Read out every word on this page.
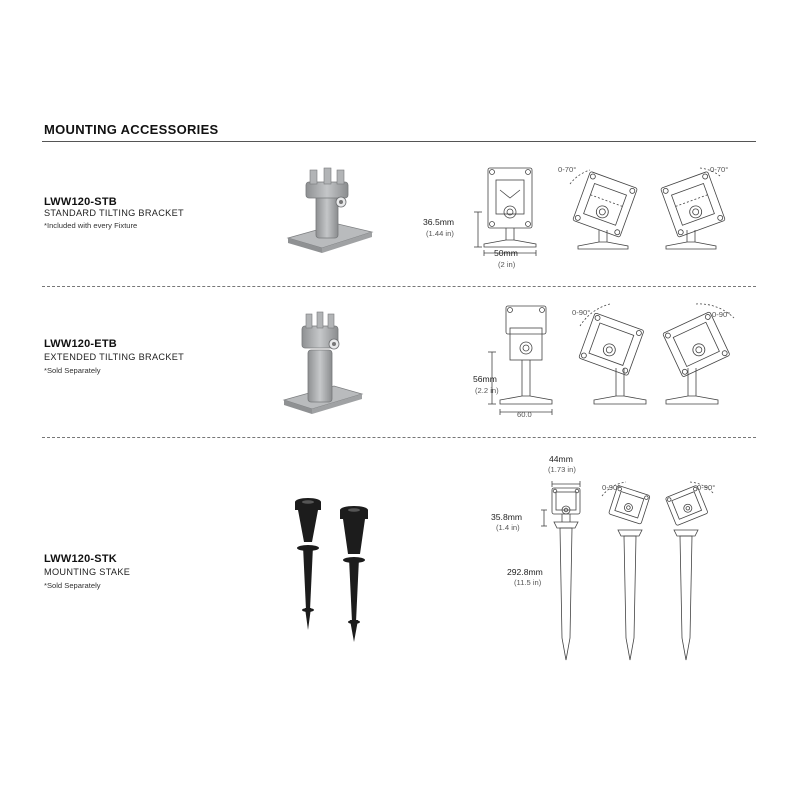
MOUNTING ACCESSORIES
LWW120-STB
STANDARD TILTING BRACKET
*Included with every Fixture
LWW120-ETB
EXTENDED TILTING BRACKET
*Sold Separately
LWW120-STK
MOUNTING STAKE
*Sold Separately
36.5mm
(1.44 in)
50mm
(2 in)
0-70°	0-70°
56mm
(2.2 in)
60.0
0-90°	0-90°
44mm
(1.73 in)
35.8mm
(1.4 in)
292.8mm
(11.5 in)
0-90°	0-90°
